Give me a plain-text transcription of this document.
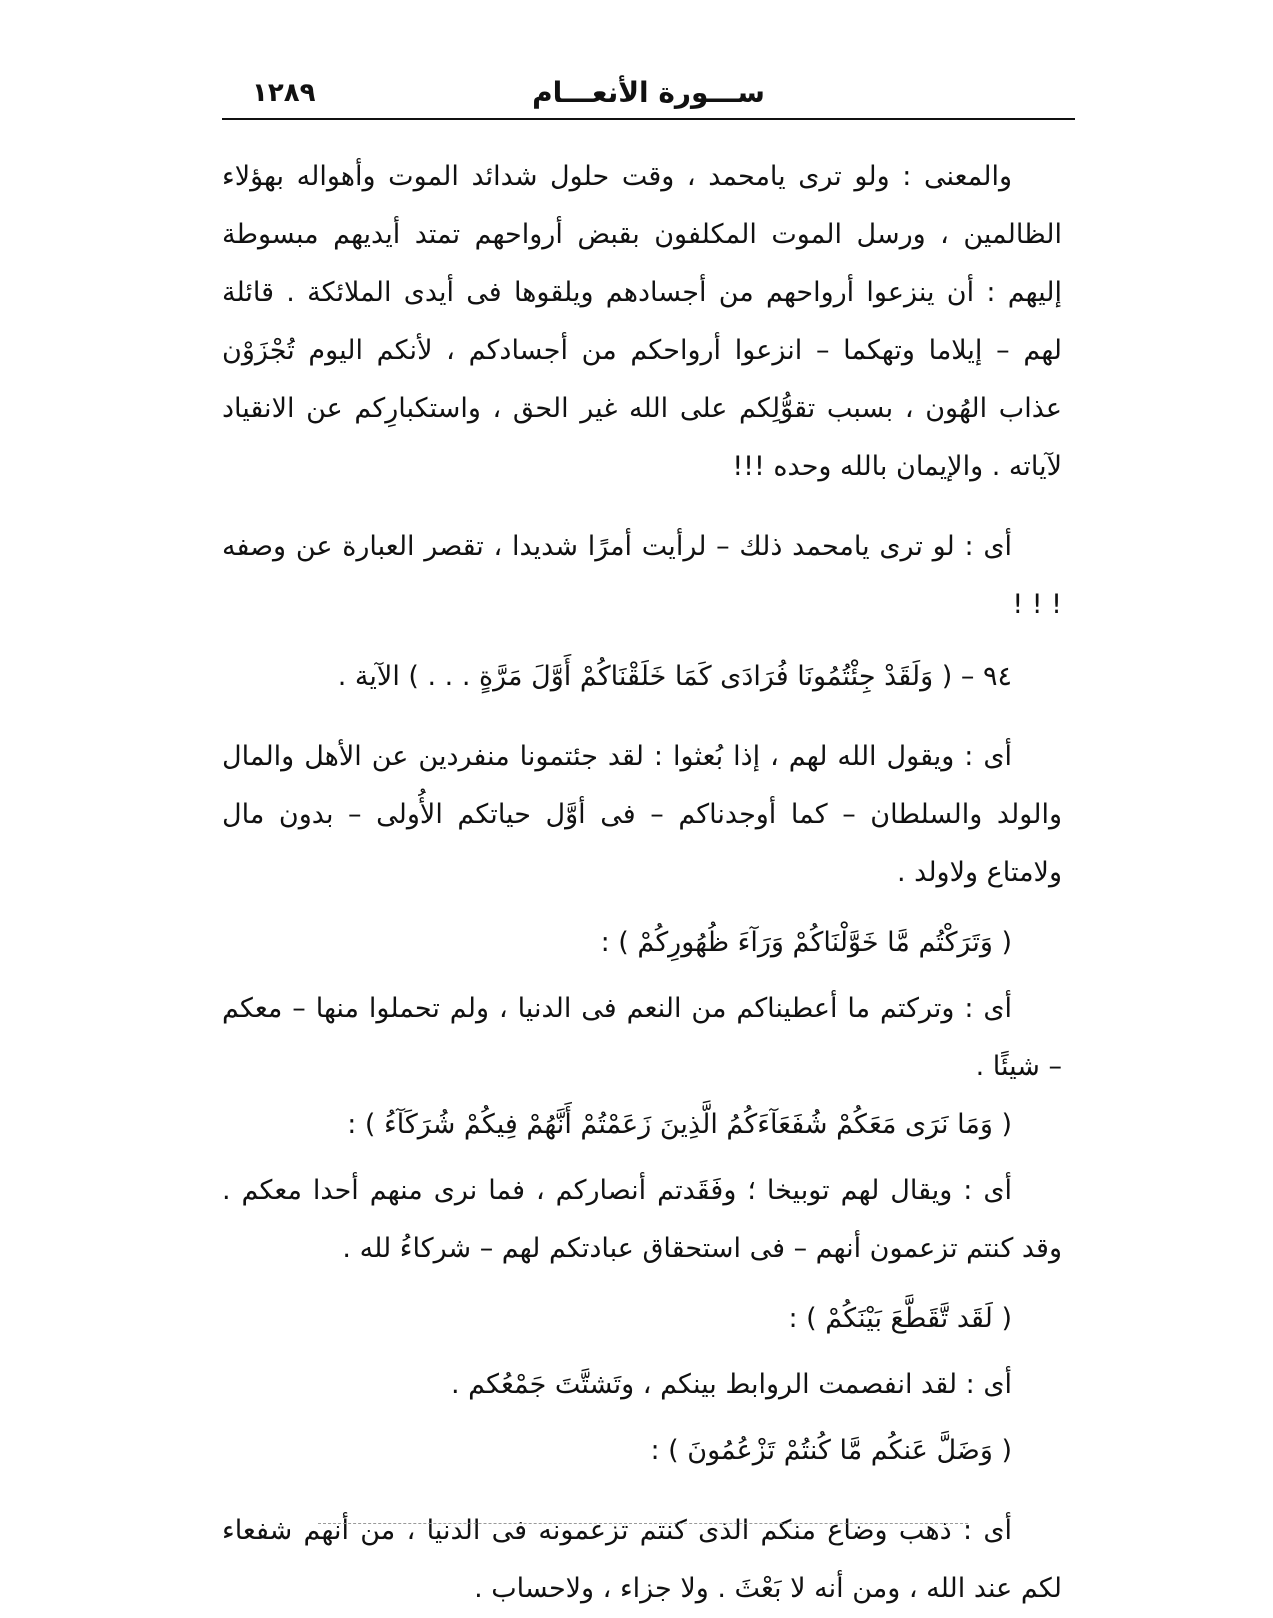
١٢٨٩	ســـورة الأنعـــام

والمعنى : ولو ترى يامحمد ، وقت حلول شدائد الموت وأهواله بهؤلاء الظالمين ، ورسل الموت المكلفون بقبض أرواحهم تمتد أيديهم مبسوطة إليهم : أن ينزعوا أرواحهم من أجسادهم ويلقوها فى أيدى الملائكة . قائلة لهم – إيلاما وتهكما – انزعوا أرواحكم من أجسادكم ، لأنكم اليوم تُجْزَوْن عذاب الهُون ، بسبب تقوُّلِكم على الله غير الحق ، واستكبارِكم عن الانقياد لآياته . والإيمان بالله وحده !!!

أى : لو ترى يامحمد ذلك – لرأيت أمرًا شديدا ، تقصر العبارة عن وصفه ! ! !

٩٤ – ( وَلَقَدْ جِئْتُمُونَا فُرَادَى كَمَا خَلَقْنَاكُمْ أَوَّلَ مَرَّةٍ . . . ) الآية .

أى : ويقول الله لهم ، إذا بُعثوا : لقد جئتمونا منفردين عن الأهل والمال والولد والسلطان – كما أوجدناكم – فى أوَّل حياتكم الأُولى – بدون مال ولامتاع ولاولد .

( وَتَرَكْتُم مَّا خَوَّلْنَاكُمْ وَرَآءَ ظُهُورِكُمْ ) :

أى : وتركتم ما أعطيناكم من النعم فى الدنيا ، ولم تحملوا منها – معكم – شيئًا .

( وَمَا نَرَى مَعَكُمْ شُفَعَآءَكُمُ الَّذِينَ زَعَمْتُمْ أَنَّهُمْ فِيكُمْ شُرَكَآءُ ) :

أى : ويقال لهم توبيخا ؛ وفَقَدتم أنصاركم ، فما نرى منهم أحدا معكم . وقد كنتم تزعمون أنهم – فى استحقاق عبادتكم لهم – شركاءُ لله .

( لَقَد تَّقَطَّعَ بَيْنَكُمْ ) :

أى : لقد انفصمت الروابط بينكم ، وتَشتَّتَ جَمْعُكم .

( وَضَلَّ عَنكُم مَّا كُنتُمْ تَزْعُمُونَ ) :

أى : ذهب وضاع منكم الذى كنتم تزعمونه فى الدنيا ، من أنهم شفعاء لكم عند الله ، ومن أنه لا بَعْثَ . ولا جزاء ، ولاحساب .
